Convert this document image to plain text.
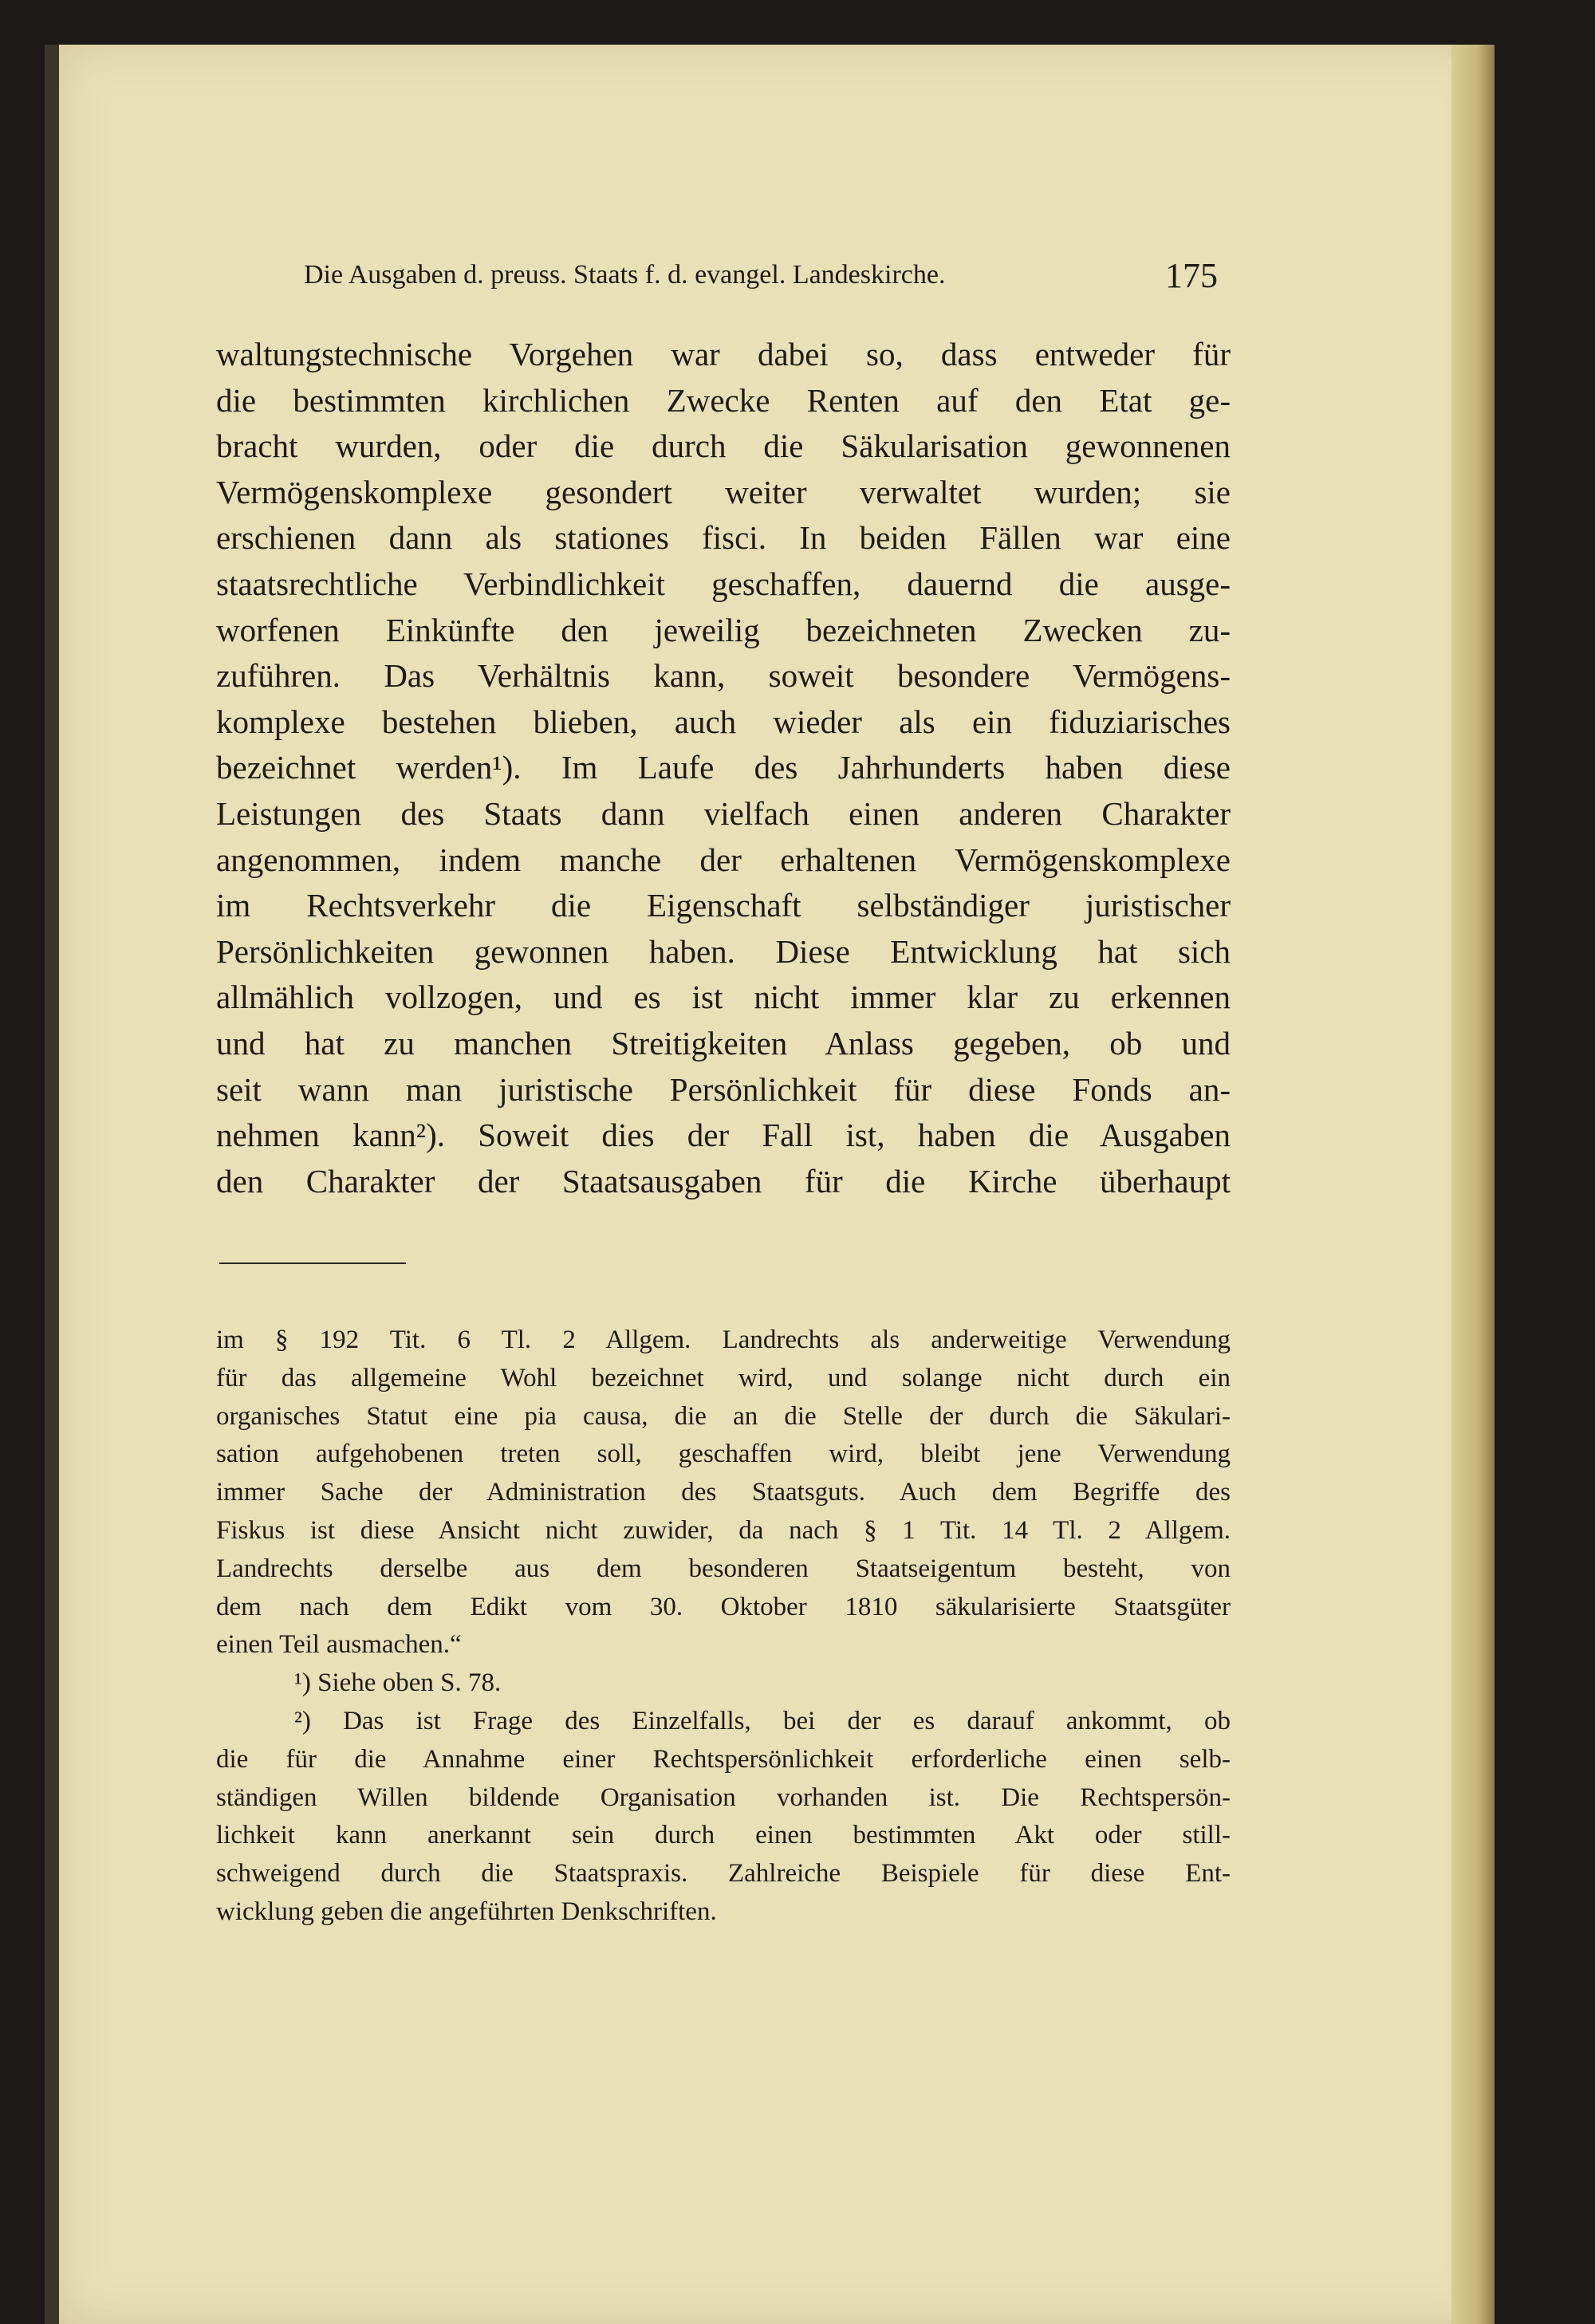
Die Ausgaben d. preuss. Staats f. d. evangel. Landeskirche.	175
waltungstechnische Vorgehen war dabei so, dass entweder für
die bestimmten kirchlichen Zwecke Renten auf den Etat ge-
bracht wurden, oder die durch die Säkularisation gewonnenen
Vermögenskomplexe gesondert weiter verwaltet wurden; sie
erschienen dann als stationes fisci. In beiden Fällen war eine
staatsrechtliche Verbindlichkeit geschaffen, dauernd die ausge-
worfenen Einkünfte den jeweilig bezeichneten Zwecken zu-
zuführen. Das Verhältnis kann, soweit besondere Vermögens-
komplexe bestehen blieben, auch wieder als ein fiduziarisches
bezeichnet werden¹). Im Laufe des Jahrhunderts haben diese
Leistungen des Staats dann vielfach einen anderen Charakter
angenommen, indem manche der erhaltenen Vermögenskomplexe
im Rechtsverkehr die Eigenschaft selbständiger juristischer
Persönlichkeiten gewonnen haben. Diese Entwicklung hat sich
allmählich vollzogen, und es ist nicht immer klar zu erkennen
und hat zu manchen Streitigkeiten Anlass gegeben, ob und
seit wann man juristische Persönlichkeit für diese Fonds an-
nehmen kann²). Soweit dies der Fall ist, haben die Ausgaben
den Charakter der Staatsausgaben für die Kirche überhaupt
im § 192 Tit. 6 Tl. 2 Allgem. Landrechts als anderweitige Verwendung
für das allgemeine Wohl bezeichnet wird, und solange nicht durch ein
organisches Statut eine pia causa, die an die Stelle der durch die Säkulari-
sation aufgehobenen treten soll, geschaffen wird, bleibt jene Verwendung
immer Sache der Administration des Staatsguts. Auch dem Begriffe des
Fiskus ist diese Ansicht nicht zuwider, da nach § 1 Tit. 14 Tl. 2 Allgem.
Landrechts derselbe aus dem besonderen Staatseigentum besteht, von
dem nach dem Edikt vom 30. Oktober 1810 säkularisierte Staatsgüter
einen Teil ausmachen.“
¹) Siehe oben S. 78.
²) Das ist Frage des Einzelfalls, bei der es darauf ankommt, ob
die für die Annahme einer Rechtspersönlichkeit erforderliche einen selb-
ständigen Willen bildende Organisation vorhanden ist. Die Rechtspersön-
lichkeit kann anerkannt sein durch einen bestimmten Akt oder still-
schweigend durch die Staatspraxis. Zahlreiche Beispiele für diese Ent-
wicklung geben die angeführten Denkschriften.
